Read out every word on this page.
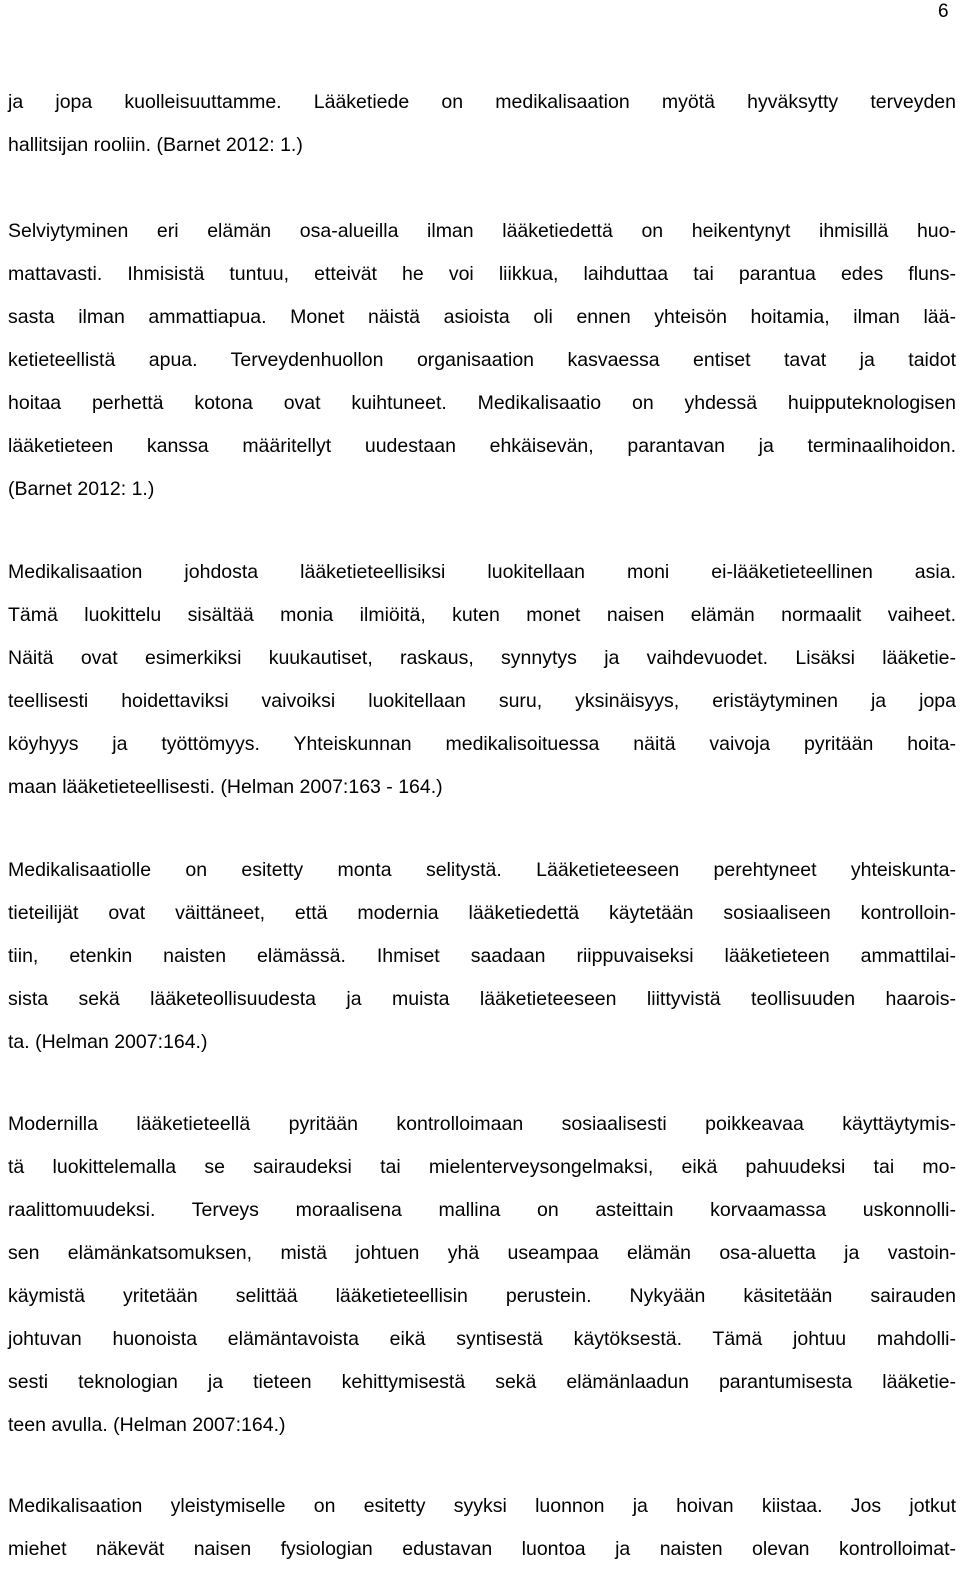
6
ja jopa kuolleisuuttamme. Lääketiede on medikalisaation myötä hyväksytty terveyden
hallitsijan rooliin. (Barnet 2012: 1.)
Selviytyminen eri elämän osa-alueilla ilman lääketiedettä on heikentynyt ihmisillä huo-
mattavasti. Ihmisistä tuntuu, etteivät he voi liikkua, laihduttaa tai parantua edes fluns-
sasta ilman ammattiapua. Monet näistä asioista oli ennen yhteisön hoitamia, ilman lää-
ketieteellistä apua. Terveydenhuollon organisaation kasvaessa entiset tavat ja taidot
hoitaa perhettä kotona ovat kuihtuneet. Medikalisaatio on yhdessä huipputeknologisen
lääketieteen kanssa määritellyt uudestaan ehkäisevän, parantavan ja terminaalihoidon.
(Barnet 2012: 1.)
Medikalisaation johdosta lääketieteellisiksi luokitellaan moni ei-lääketieteellinen asia.
Tämä luokittelu sisältää monia ilmiöitä, kuten monet naisen elämän normaalit vaiheet.
Näitä ovat esimerkiksi kuukautiset, raskaus, synnytys ja vaihdevuodet. Lisäksi lääketie-
teellisesti hoidettaviksi vaivoiksi luokitellaan suru, yksinäisyys, eristäytyminen ja jopa
köyhyys ja työttömyys. Yhteiskunnan medikalisoituessa näitä vaivoja pyritään hoita-
maan lääketieteellisesti. (Helman 2007:163 - 164.)
Medikalisaatiolle on esitetty monta selitystä. Lääketieteeseen perehtyneet yhteiskunta-
tieteilijät ovat väittäneet, että modernia lääketiedettä käytetään sosiaaliseen kontrolloin-
tiin, etenkin naisten elämässä. Ihmiset saadaan riippuvaiseksi lääketieteen ammattilai-
sista sekä lääketeollisuudesta ja muista lääketieteeseen liittyvistä teollisuuden haarois-
ta. (Helman 2007:164.)
Modernilla lääketieteellä pyritään kontrolloimaan sosiaalisesti poikkeavaa käyttäytymis-
tä luokittelemalla se sairaudeksi tai mielenterveysongelmaksi, eikä pahuudeksi tai mo-
raalittomuudeksi. Terveys moraalisena mallina on asteittain korvaamassa uskonnolli-
sen elämänkatsomuksen, mistä johtuen yhä useampaa elämän osa-aluetta ja vastoin-
käymistä yritetään selittää lääketieteellisin perustein. Nykyään käsitetään sairauden
johtuvan huonoista elämäntavoista eikä syntisestä käytöksestä. Tämä johtuu mahdolli-
sesti teknologian ja tieteen kehittymisestä sekä elämänlaadun parantumisesta lääketie-
teen avulla. (Helman 2007:164.)
Medikalisaation yleistymiselle on esitetty syyksi luonnon ja hoivan kiistaa. Jos jotkut
miehet näkevät naisen fysiologian edustavan luontoa ja naisten olevan kontrolloimat-
